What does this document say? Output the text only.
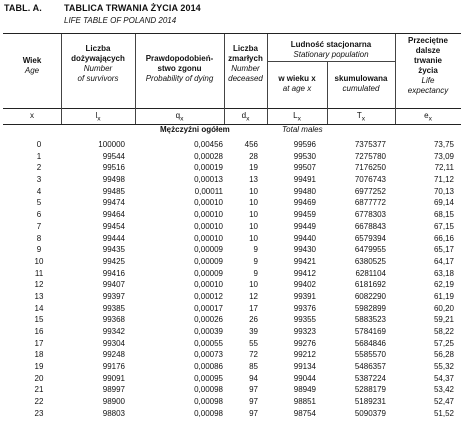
TABL. A. TABLICA TRWANIA ŻYCIA 2014
LIFE TABLE OF POLAND 2014
Wiek
Age
Liczba
dożywających
Number
of survivors
Prawdopodobień-
stwo zgonu
Probability of dying
Liczba
zmarłych
Number
deceased
Ludność stacjonarna
Stationary population
w wieku x
at age x
skumulowana
cumulated
Przeciętne
dalsze
trwanie
życia
Life
expectancy
x	$l_x$	$q_x$	$d_x$	$L_x$	$T_x$	$e_x$
Mężczyźni ogółem	Total males
0	100000	0,00456	456	99596	7375377	73,75
1	99544	0,00028	28	99530	7275780	73,09
2	99516	0,00019	19	99507	7176250	72,11
3	99498	0,00013	13	99491	7076743	71,12
4	99485	0,00011	10	99480	6977252	70,13
5	99474	0,00010	10	99469	6877772	69,14
6	99464	0,00010	10	99459	6778303	68,15
7	99454	0,00010	10	99449	6678843	67,15
8	99444	0,00010	10	99440	6579394	66,16
9	99435	0,00009	9	99430	6479955	65,17
10	99425	0,00009	9	99421	6380525	64,17
11	99416	0,00009	9	99412	6281104	63,18
12	99407	0,00010	10	99402	6181692	62,19
13	99397	0,00012	12	99391	6082290	61,19
14	99385	0,00017	17	99376	5982899	60,20
15	99368	0,00026	26	99355	5883523	59,21
16	99342	0,00039	39	99323	5784169	58,22
17	99304	0,00055	55	99276	5684846	57,25
18	99248	0,00073	72	99212	5585570	56,28
19	99176	0,00086	85	99134	5486357	55,32
20	99091	0,00095	94	99044	5387224	54,37
21	98997	0,00098	97	98949	5288179	53,42
22	98900	0,00098	97	98851	5189231	52,47
23	98803	0,00098	97	98754	5090379	51,52
